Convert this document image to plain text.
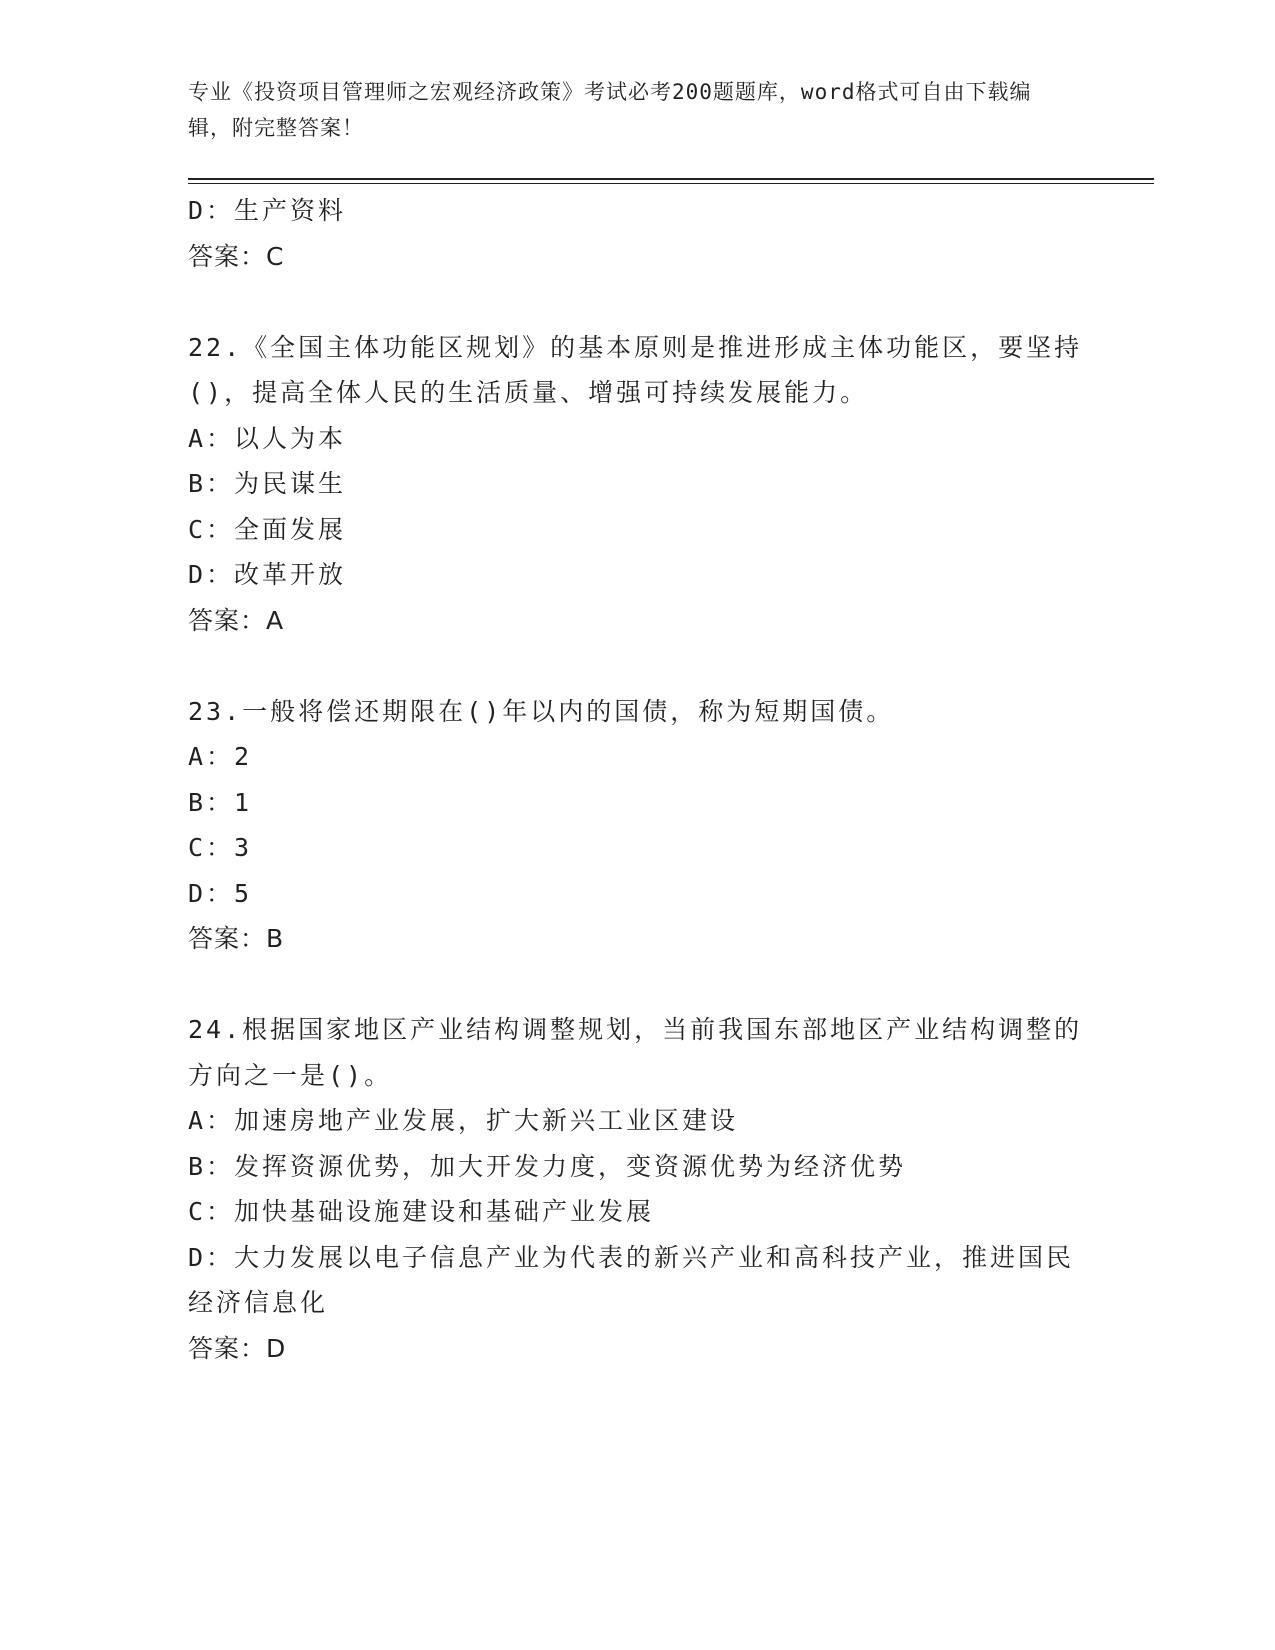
专业《投资项目管理师之宏观经济政策》考试必考200题题库，word格式可自由下载编辑，附完整答案！
D：生产资料
答案：C
22.《全国主体功能区规划》的基本原则是推进形成主体功能区，要坚持()，提高全体人民的生活质量、增强可持续发展能力。
A：以人为本
B：为民谋生
C：全面发展
D：改革开放
答案：A
23.一般将偿还期限在()年以内的国债，称为短期国债。
A：2
B：1
C：3
D：5
答案：B
24.根据国家地区产业结构调整规划，当前我国东部地区产业结构调整的方向之一是()。
A：加速房地产业发展，扩大新兴工业区建设
B：发挥资源优势，加大开发力度，变资源优势为经济优势
C：加快基础设施建设和基础产业发展
D：大力发展以电子信息产业为代表的新兴产业和高科技产业，推进国民经济信息化
答案：D
